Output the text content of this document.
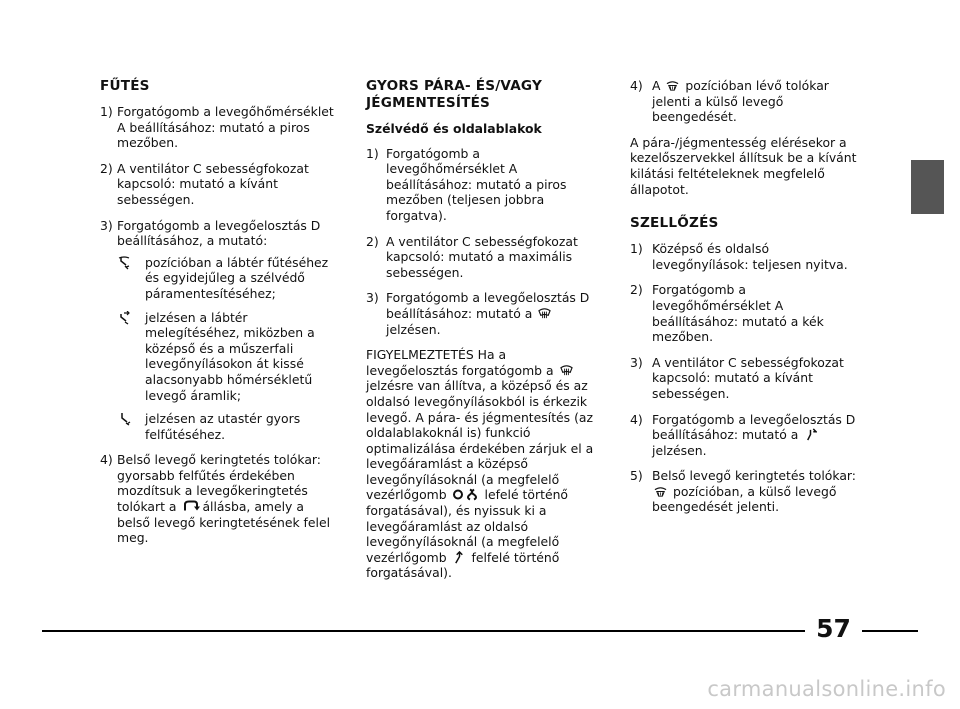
FŰTÉS
1) Forgatógomb a levegőhőmérséklet A beállításához: mutató a piros mezőben.
2) A ventilátor C sebességfokozat kapcsoló: mutató a kívánt sebességen.
3) Forgatógomb a levegőelosztás D beállításához, a mutató:
pozícióban a lábtér fűtéséhez és egyidejűleg a szélvédő páramentesítéséhez;
jelzésen a lábtér melegítéséhez, miközben a középső és a műszerfali levegőnyílásokon át kissé alacsonyabb hőmérsékletű levegő áramlik;
jelzésen az utastér gyors felfűtéséhez.
4) Belső levegő keringtetés tolókar: gyorsabb felfűtés érdekében mozdítsuk a levegőkeringtetés tolókart a állásba, amely a belső levegő keringtetésének felel meg.
GYORS PÁRA- ÉS/VAGY JÉGMENTESÍTÉS
Szélvédő és oldalablakok
1) Forgatógomb a levegőhőmérséklet A beállításához: mutató a piros mezőben (teljesen jobbra forgatva).
2) A ventilátor C sebességfokozat kapcsoló: mutató a maximális sebességen.
3) Forgatógomb a levegőelosztás D beállításához: mutató a
jelzésen.
FIGYELMEZTETÉS Ha a levegőelosztás forgatógomb a
jelzésre van állítva, a középső és az oldalsó levegőnyílásokból is érkezik levegő. A pára- és jégmentesítés (az oldalablakoknál is) funkció optimalizálása érdekében zárjuk el a levegőáramlást a középső levegőnyílásoknál (a megfelelő vezérlőgomb	lefelé történő forgatásával), és nyissuk ki a levegőáramlást az oldalsó levegőnyílásoknál (a megfelelő vezérlőgomb felfelé történő forgatásával).
4) A pozícióban lévő tolókar jelenti a külső levegő beengedését.
A pára-/jégmentesség elérésekor a kezelőszervekkel állítsuk be a kívánt kilátási feltételeknek megfelelő állapotot.
SZELLŐZÉS
1) Középső és oldalsó levegőnyílások: teljesen nyitva.
2) Forgatógomb a levegőhőmérséklet A beállításához: mutató a kék mezőben.
3) A ventilátor C sebességfokozat kapcsoló: mutató a kívánt sebességen.
4) Forgatógomb a levegőelosztás D beállításához: mutató a
jelzésen.
5) Belső levegő keringtetés tolókar:
pozícióban, a külső levegő beengedését jelenti.
57
carmanualsonline.info
